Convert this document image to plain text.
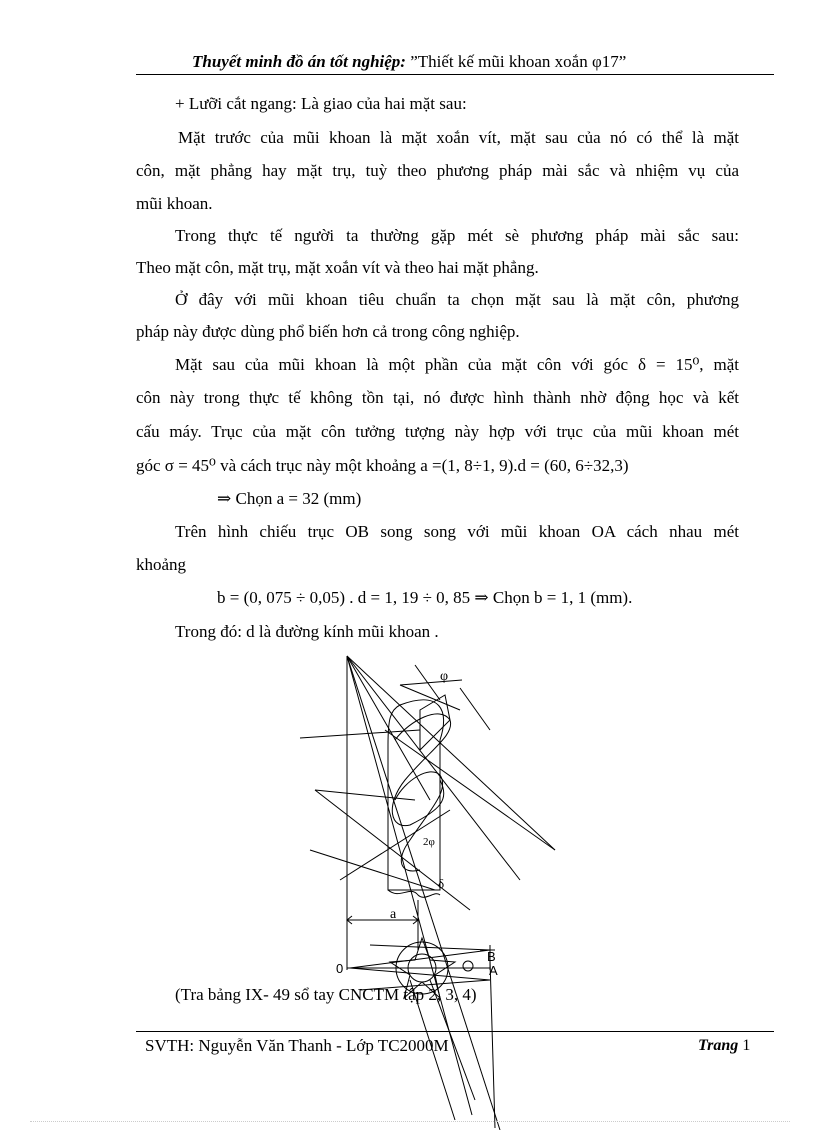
Thuyết minh đồ án tốt nghiệp: ”Thiết kế mũi khoan xoắn φ17”
+ Lưỡi cắt ngang: Là giao của hai mặt sau:
Mặt trước của mũi khoan là mặt xoắn vít, mặt sau của nó có thể là mặt
côn, mặt phẳng hay mặt trụ, tuỳ theo phương pháp mài sắc và nhiệm vụ của
mũi khoan.
Trong thực tế người ta thường gặp mét sè phương pháp mài sắc sau:
Theo mặt côn, mặt trụ, mặt xoắn vít và theo hai mặt phẳng.
Ở đây với mũi khoan tiêu chuẩn ta chọn mặt sau là mặt côn, phương
pháp này được dùng phổ biến hơn cả trong công nghiệp.
Mặt sau của mũi khoan là một phần của mặt côn với góc δ = 15⁰, mặt
côn này trong thực tế không tồn tại, nó được hình thành nhờ động học và kết
cấu máy. Trục của mặt côn tưởng tượng này hợp với trục của mũi khoan mét
góc σ = 45⁰ và cách trục này một khoảng a =(1, 8÷1, 9).d = (60, 6÷32,3)
⇒ Chọn a = 32 (mm)
Trên hình chiếu trục OB song song với mũi khoan OA cách nhau mét
khoảng
b = (0, 075 ÷ 0,05) . d = 1, 19 ÷ 0, 85 ⇒ Chọn b = 1, 1 (mm).
Trong đó: d là đường kính mũi khoan .
φ
δ
2φ
a
0
B
A
(Tra bảng IX- 49 sổ tay CNCTM tập 2, 3, 4)
SVTH: Nguyễn Văn Thanh - Lớp TC2000M	Trang 1
